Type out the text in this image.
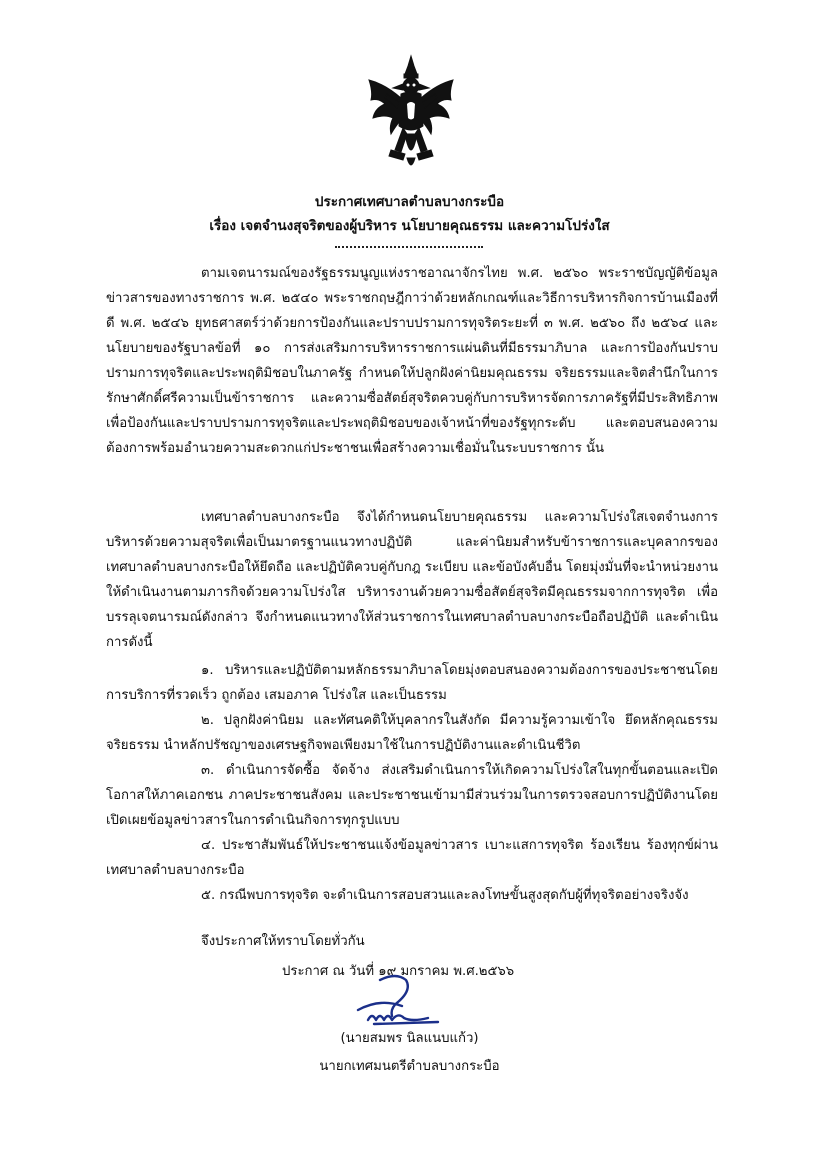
ประกาศเทศบาลตำบลบางกระบือ
เรื่อง เจตจำนงสุจริตของผู้บริหาร นโยบายคุณธรรม และความโปร่งใส

ตามเจตนารมณ์ของรัฐธรรมนูญแห่งราชอาณาจักรไทย พ.ศ. ๒๕๖๐ พระราชบัญญัติข้อมูลข่าวสารของทางราชการ พ.ศ. ๒๕๔๐ พระราชกฤษฎีกาว่าด้วยหลักเกณฑ์และวิธีการบริหารกิจการบ้านเมืองที่ดี พ.ศ. ๒๕๔๖ ยุทธศาสตร์ว่าด้วยการป้องกันและปราบปรามการทุจริตระยะที่ ๓ พ.ศ. ๒๕๖๐ ถึง ๒๕๖๔ และนโยบายของรัฐบาลข้อที่ ๑๐ การส่งเสริมการบริหารราชการแผ่นดินที่มีธรรมาภิบาล และการป้องกันปราบปรามการทุจริตและประพฤติมิชอบในภาครัฐ กำหนดให้ปลูกฝังค่านิยมคุณธรรม จริยธรรมและจิตสำนึกในการรักษาศักดิ์ศรีความเป็นข้าราชการ และความซื่อสัตย์สุจริตควบคู่กับการบริหารจัดการภาครัฐที่มีประสิทธิภาพ เพื่อป้องกันและปราบปรามการทุจริตและประพฤติมิชอบของเจ้าหน้าที่ของรัฐทุกระดับ และตอบสนองความต้องการพร้อมอำนวยความสะดวกแก่ประชาชนเพื่อสร้างความเชื่อมั่นในระบบราชการ นั้น

เทศบาลตำบลบางกระบือ จึงได้กำหนดนโยบายคุณธรรม และความโปร่งใสเจตจำนงการบริหารด้วยความสุจริตเพื่อเป็นมาตรฐานแนวทางปฏิบัติ และค่านิยมสำหรับข้าราชการและบุคลากรของเทศบาลตำบลบางกระบือให้ยึดถือ และปฏิบัติควบคู่กับกฎ ระเบียบ และข้อบังคับอื่น โดยมุ่งมั่นที่จะนำหน่วยงานให้ดำเนินงานตามภารกิจด้วยความโปร่งใส บริหารงานด้วยความซื่อสัตย์สุจริตมีคุณธรรมจากการทุจริต เพื่อบรรลุเจตนารมณ์ดังกล่าว จึงกำหนดแนวทางให้ส่วนราชการในเทศบาลตำบลบางกระบือถือปฏิบัติ และดำเนินการดังนี้

๑. บริหารและปฏิบัติตามหลักธรรมาภิบาลโดยมุ่งตอบสนองความต้องการของประชาชนโดยการบริการที่รวดเร็ว ถูกต้อง เสมอภาค โปร่งใส และเป็นธรรม

๒. ปลูกฝังค่านิยม และทัศนคติให้บุคลากรในสังกัด มีความรู้ความเข้าใจ ยึดหลักคุณธรรมจริยธรรม นำหลักปรัชญาของเศรษฐกิจพอเพียงมาใช้ในการปฏิบัติงานและดำเนินชีวิต

๓. ดำเนินการจัดซื้อ จัดจ้าง ส่งเสริมดำเนินการให้เกิดความโปร่งใสในทุกขั้นตอนและเปิดโอกาสให้ภาคเอกชน ภาคประชาชนสังคม และประชาชนเข้ามามีส่วนร่วมในการตรวจสอบการปฏิบัติงานโดยเปิดเผยข้อมูลข่าวสารในการดำเนินกิจการทุกรูปแบบ

๔. ประชาสัมพันธ์ให้ประชาชนแจ้งข้อมูลข่าวสาร เบาะแสการทุจริต ร้องเรียน ร้องทุกข์ผ่านเทศบาลตำบลบางกระบือ

๕. กรณีพบการทุจริต จะดำเนินการสอบสวนและลงโทษขั้นสูงสุดกับผู้ที่ทุจริตอย่างจริงจัง

จึงประกาศให้ทราบโดยทั่วกัน

ประกาศ ณ วันที่ ๑๙ มกราคม พ.ศ.๒๕๖๖

(นายสมพร นิลแนบแก้ว)

นายกเทศมนตรีตำบลบางกระบือ
